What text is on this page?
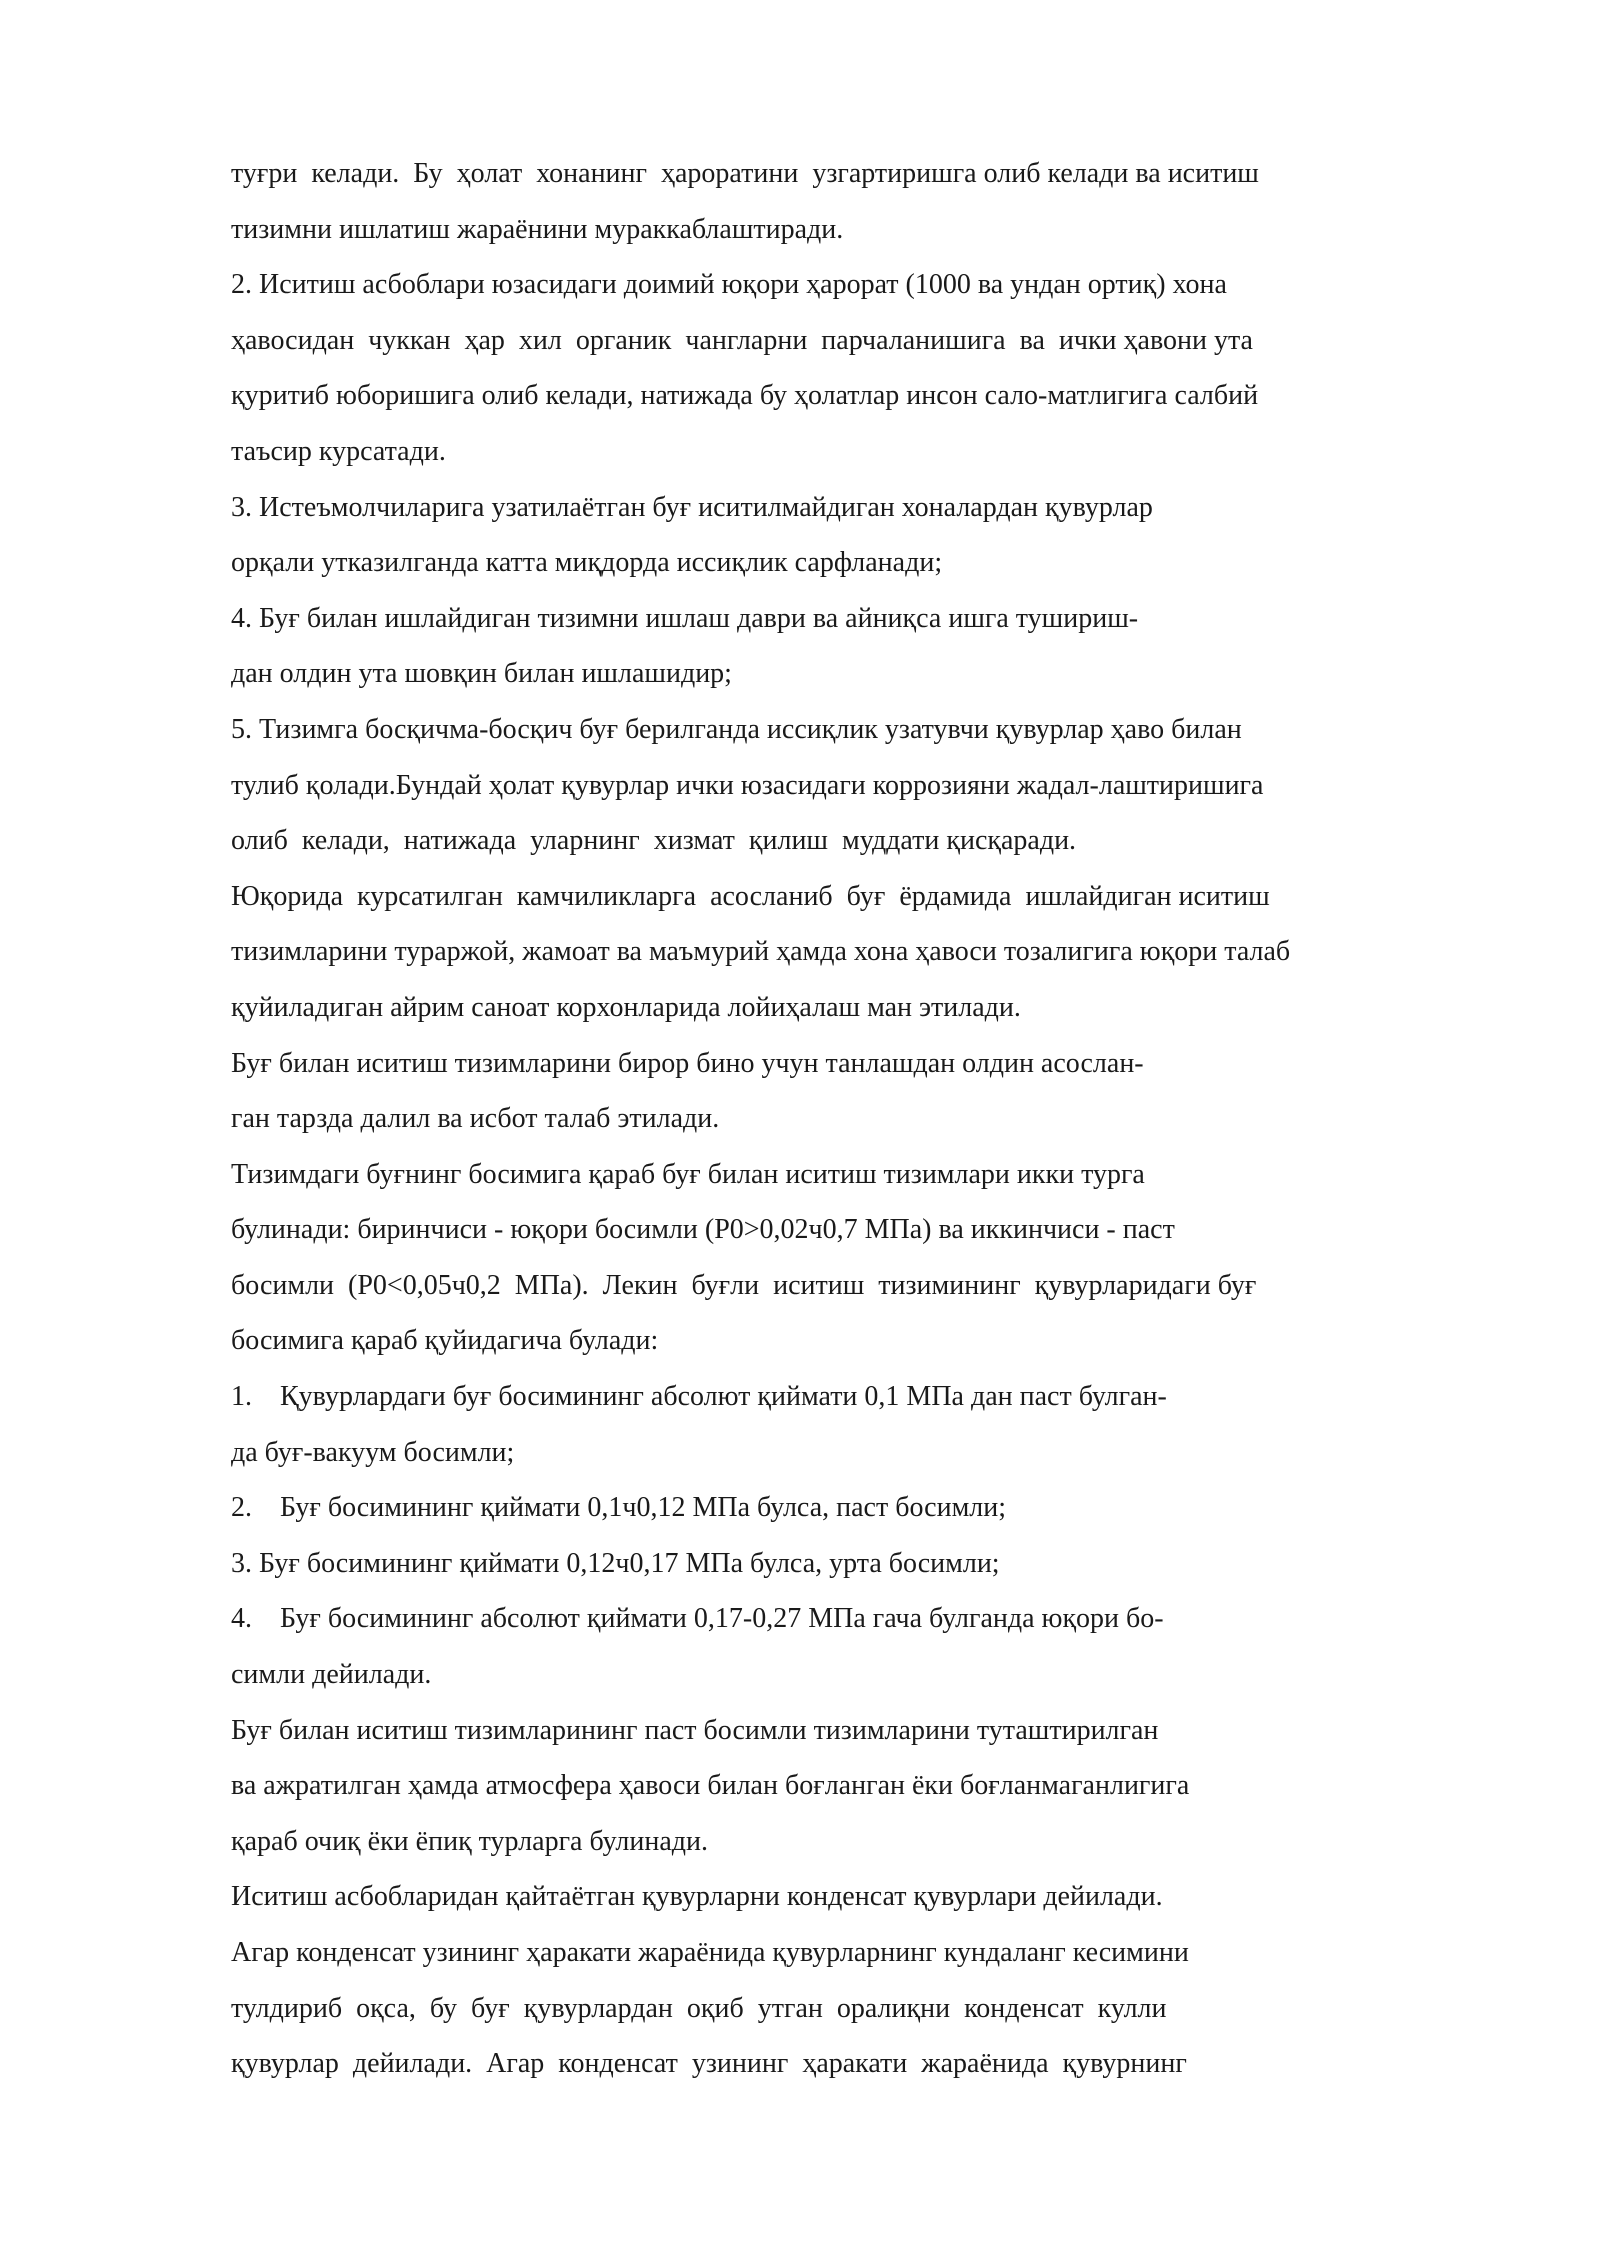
туғри  келади.  Бу  ҳолат  хонанинг  ҳароратини  узгартиришга олиб келади ва иситиш
тизимни ишлатиш жараёнини мураккаблаштиради.
2. Иситиш асбоблари юзасидаги доимий юқори ҳарорат (1000 ва ундан ортиқ) хона
ҳавосидан  чуккан  ҳар  хил  органик  чангларни  парчаланишига  ва  ички ҳавони ута
қуритиб юборишига олиб келади, натижада бу ҳолатлар инсон сало-матлигига салбий
таъсир курсатади.
3. Истеъмолчиларига узатилаётган буғ иситилмайдиган хоналардан қувурлар
орқали утказилганда катта миқдорда иссиқлик сарфланади;
4. Буғ билан ишлайдиган тизимни ишлаш даври ва айниқса ишга тушириш-
дан олдин ута шовқин билан ишлашидир;
5. Тизимга босқичма-босқич буғ берилганда иссиқлик узатувчи қувурлар ҳаво билан
тулиб қолади.Бундай ҳолат қувурлар ички юзасидаги коррозияни жадал-лаштиришига
олиб  келади,  натижада  уларнинг  хизмат  қилиш  муддати қисқаради.
Юқорида  курсатилган  камчиликларга  асосланиб  буғ  ёрдамида  ишлайдиган иситиш
тизимларини тураржой, жамоат ва маъмурий ҳамда хона ҳавоси тозалигига юқори талаб
қуйиладиган айрим саноат корхонларида лойиҳалаш ман этилади.
Буғ билан иситиш тизимларини бирор бино учун танлашдан олдин асослан-
ган тарзда далил ва исбот талаб этилади.
Тизимдаги буғнинг босимига қараб буғ билан иситиш тизимлари икки турга
булинади: биринчиси - юқори босимли (Р0>0,02ч0,7 МПа) ва иккинчиси - паст
босимли  (Р0<0,05ч0,2  МПа).  Лекин  буғли  иситиш  тизимининг  қувурларидаги буғ
босимига қараб қуйидагича булади:
1.    Қувурлардаги буғ босимининг абсолют қиймати 0,1 МПа дан паст булган-
да буғ-вакуум босимли;
2.    Буғ босимининг қиймати 0,1ч0,12 МПа булса, паст босимли;
3. Буғ босимининг қиймати 0,12ч0,17 МПа булса, урта босимли;
4.    Буғ босимининг абсолют қиймати 0,17-0,27 МПа гача булганда юқори бо-
симли дейилади.
Буғ билан иситиш тизимларининг паст босимли тизимларини туташтирилган
ва ажратилган ҳамда атмосфера ҳавоси билан боғланган ёки боғланмаганлигига
қараб очиқ ёки ёпиқ турларга булинади.
Иситиш асбобларидан қайтаётган қувурларни конденсат қувурлари дейилади.
Агар конденсат узининг ҳаракати жараёнида қувурларнинг кундаланг кесимини
тулдириб  оқса,  бу  буғ  қувурлардан  оқиб  утган  оралиқни  конденсат  кулли
қувурлар  дейилади.  Агар  конденсат  узининг  ҳаракати  жараёнида  қувурнинг
